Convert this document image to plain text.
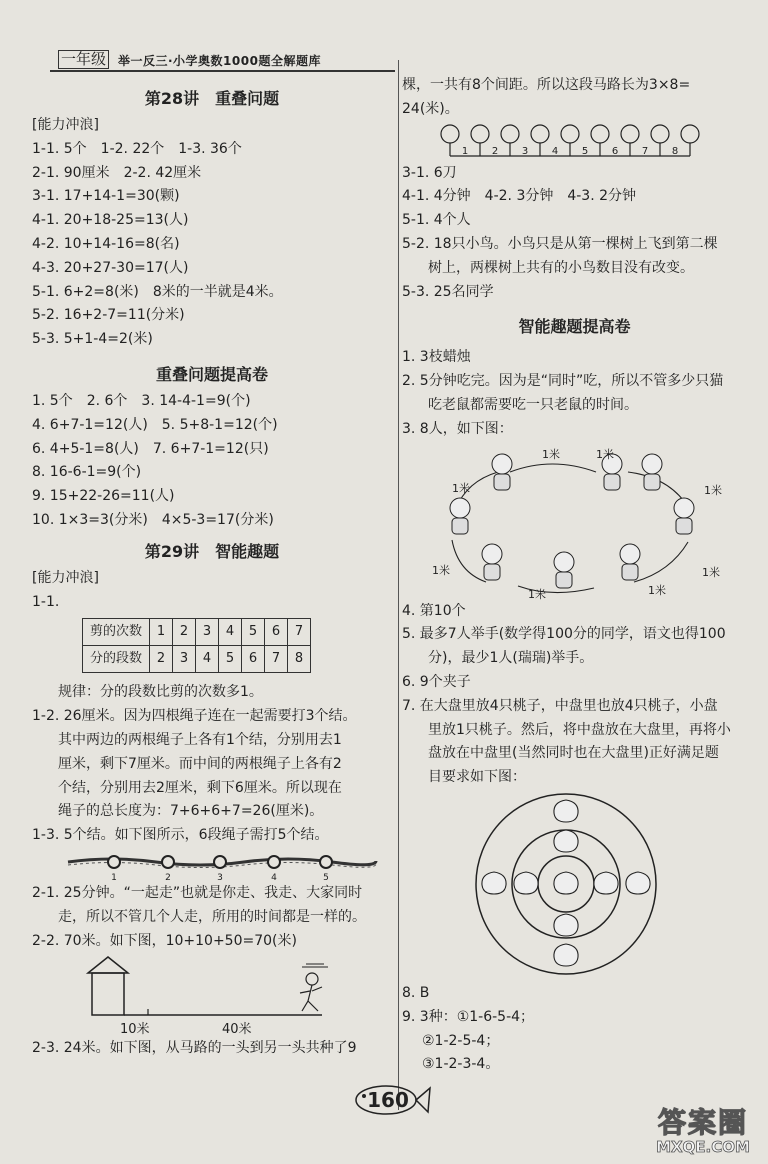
一年级 举一反三·小学奥数1000题全解题库
第28讲　重叠问题
[能力冲浪]
1-1. 5个　1-2. 22个　1-3. 36个
2-1. 90厘米　2-2. 42厘米
3-1. 17+14-1=30(颗)
4-1. 20+18-25=13(人)
4-2. 10+14-16=8(名)
4-3. 20+27-30=17(人)
5-1. 6+2=8(米)　8米的一半就是4米。
5-2. 16+2-7=11(分米)
5-3. 5+1-4=2(米)
重叠问题提高卷
1. 5个　2. 6个　3. 14-4-1=9(个)
4. 6+7-1=12(人)　5. 5+8-1=12(个)
6. 4+5-1=8(人)　7. 6+7-1=12(只)
8. 16-6-1=9(个)
9. 15+22-26=11(人)
10. 1×3=3(分米)　4×5-3=17(分米)
第29讲　智能趣题
[能力冲浪]
1-1.
剪的次数	1	2	3	4	5	6	7
分的段数	2	3	4	5	6	7	8
规律：分的段数比剪的次数多1。
1-2. 26厘米。因为四根绳子连在一起需要打3个结。
其中两边的两根绳子上各有1个结，分别用去1
厘米，剩下7厘米。而中间的两根绳子上各有2
个结，分别用去2厘米，剩下6厘米。所以现在
绳子的总长度为：7+6+6+7=26(厘米)。
1-3. 5个结。如下图所示，6段绳子需打5个结。
1	2	3	4	5
2-1. 25分钟。“一起走”也就是你走、我走、大家同时
走，所以不管几个人走，所用的时间都是一样的。
2-2. 70米。如下图，10+10+50=70(米)
10米	40米
2-3. 24米。如下图，从马路的一头到另一头共种了9
棵，一共有8个间距。所以这段马路长为3×8=
24(米)。
1 2 3 4 5 6 7 8
3-1. 6刀
4-1. 4分钟　4-2. 3分钟　4-3. 2分钟
5-1. 4个人
5-2. 18只小鸟。小鸟只是从第一棵树上飞到第二棵
树上，两棵树上共有的小鸟数目没有改变。
5-3. 25名同学
智能趣题提高卷
1. 3枝蜡烛
2. 5分钟吃完。因为是“同时”吃，所以不管多少只猫
吃老鼠都需要吃一只老鼠的时间。
3. 8人，如下图：
1米	1米
1米	1米
1米	1米
1米	1米
4. 第10个
5. 最多7人举手(数学得100分的同学，语文也得100
分)，最少1人(瑞瑞)举手。
6. 9个夹子
7. 在大盘里放4只桃子，中盘里也放4只桃子，小盘
里放1只桃子。然后，将中盘放在大盘里，再将小
盘放在中盘里(当然同时也在大盘里)正好满足题
目要求如下图：
8. B
9. 3种：①1-6-5-4；
②1-2-5-4；
③1-2-3-4。
160
答案圈
MXQE.COM
